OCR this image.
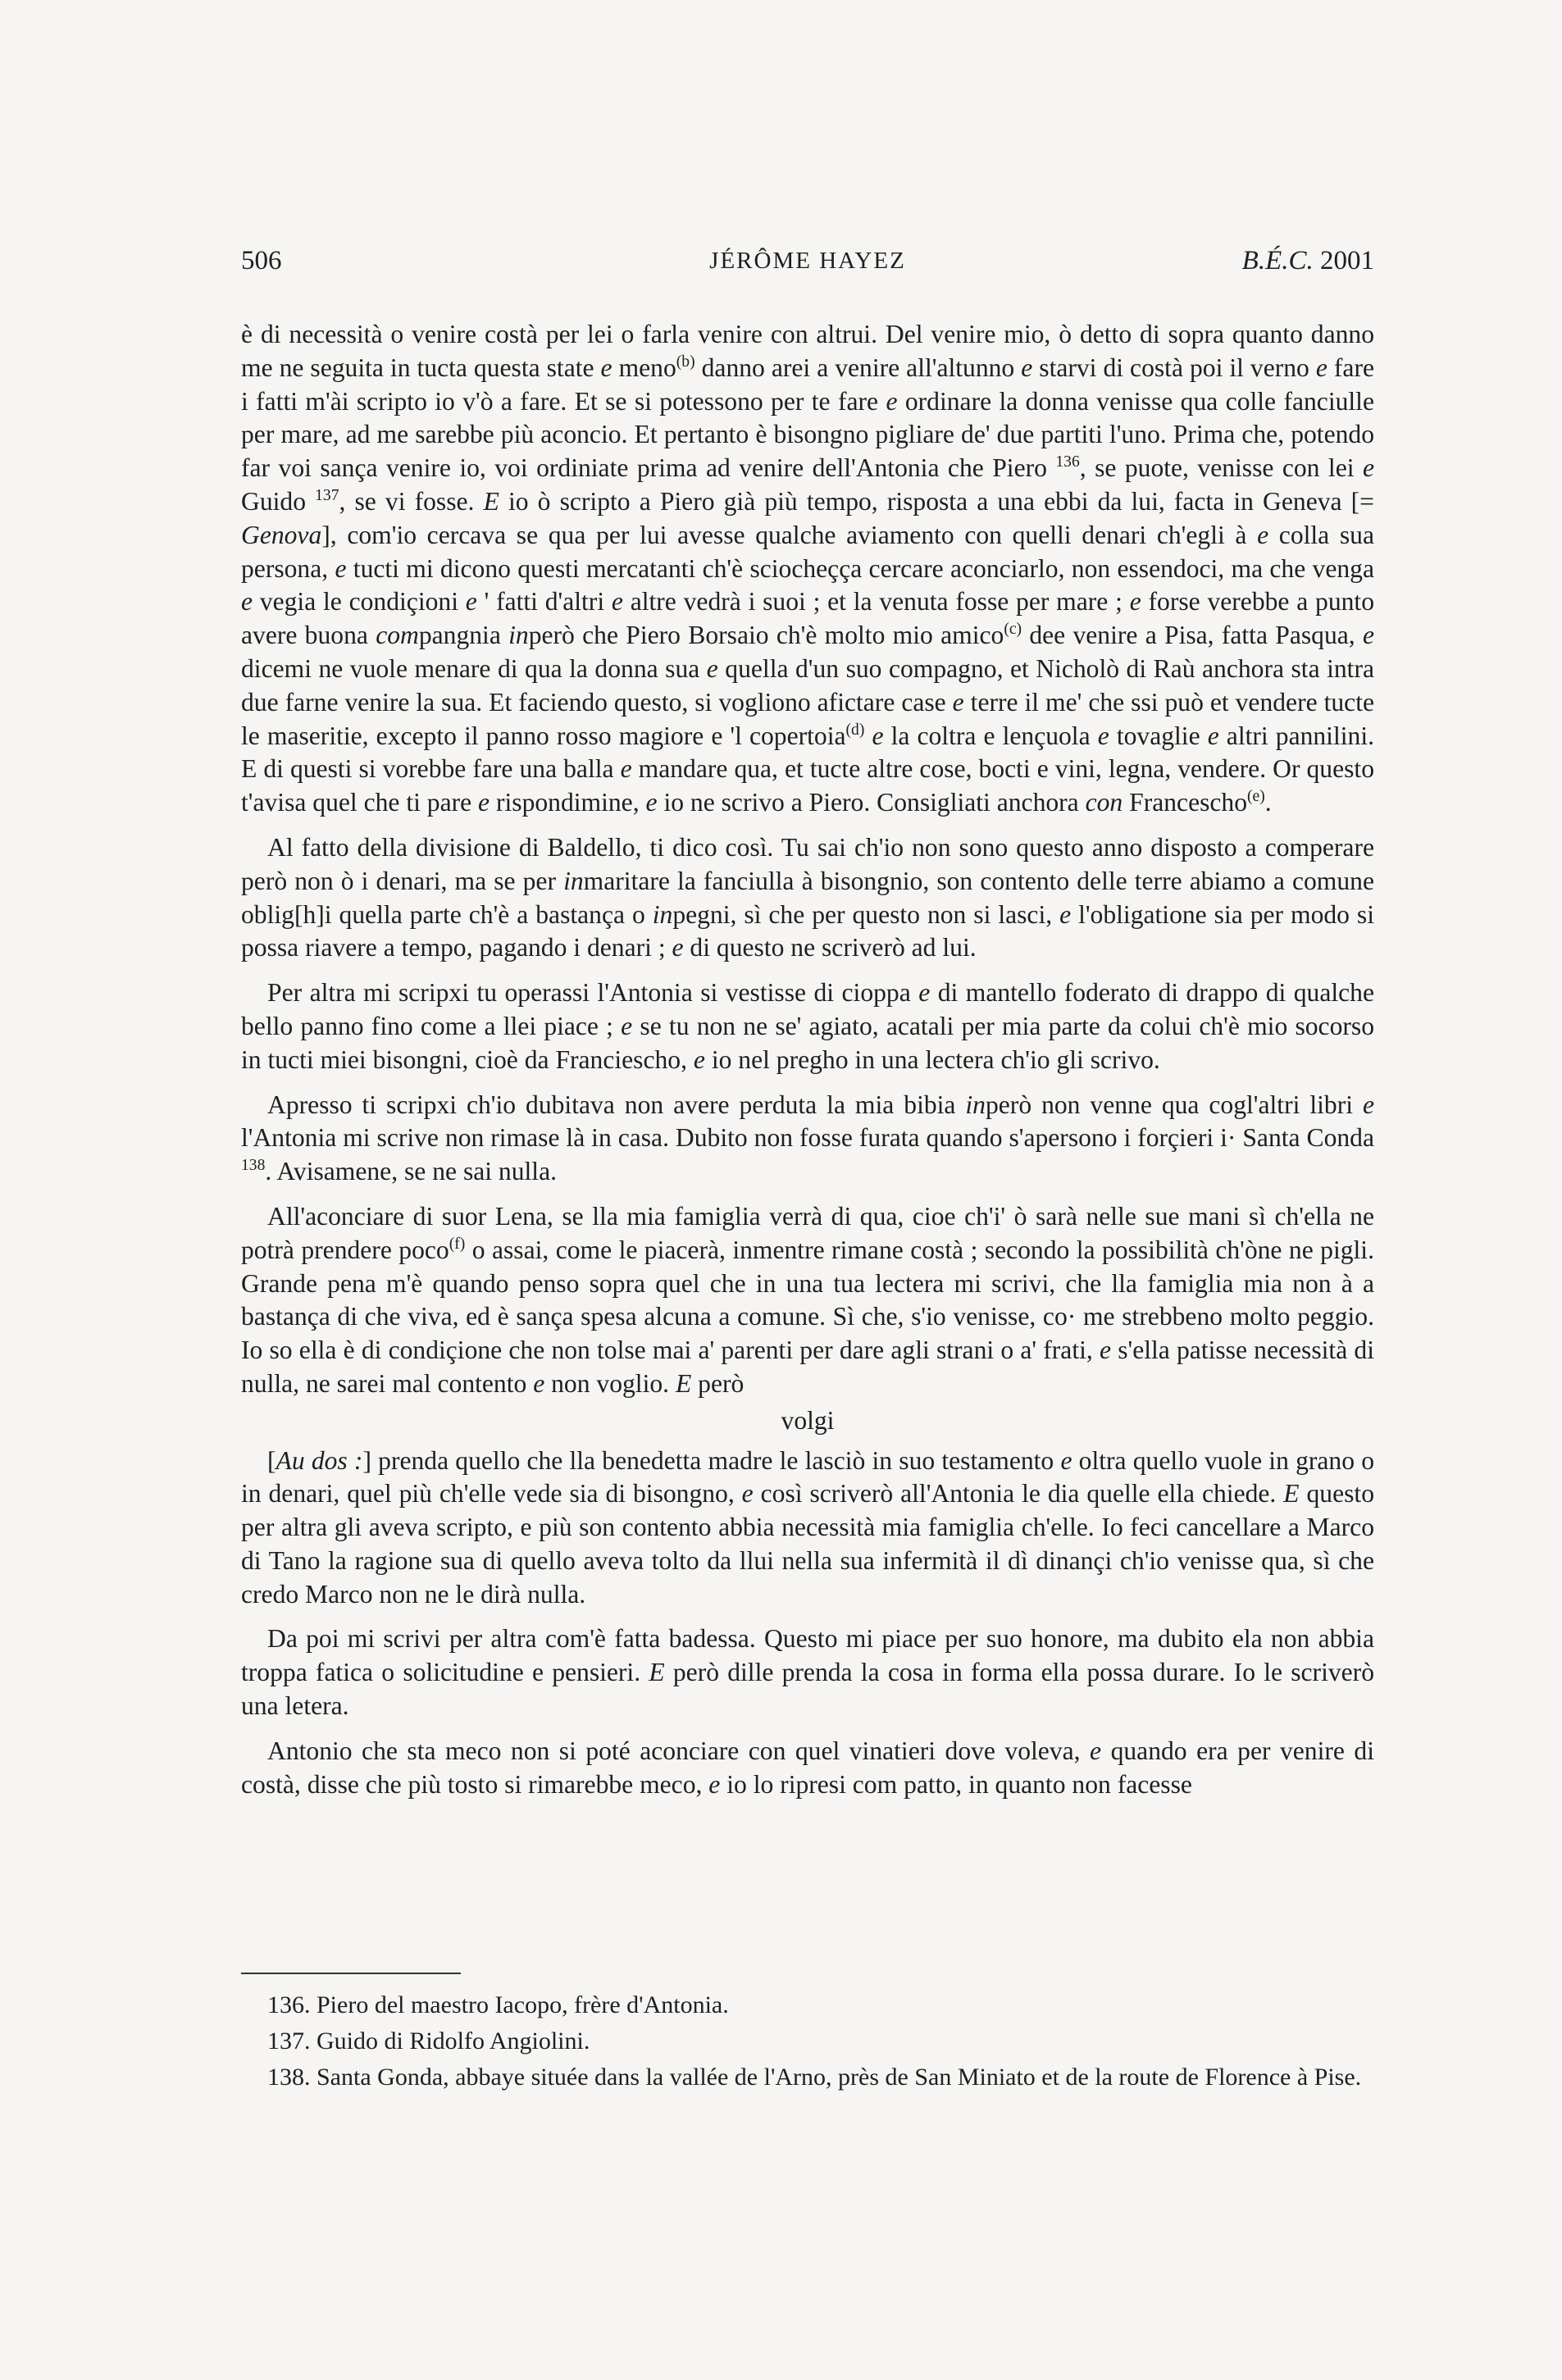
506	JÉRÔME HAYEZ	B.É.C. 2001

è di necessità o venire costà per lei o farla venire con altrui. Del venire mio, ò detto di sopra quanto danno me ne seguita in tucta questa state e meno$^{(b)}$ danno arei a venire all'altunno e starvi di costà poi il verno e fare i fatti m'ài scripto io v'ò a fare. Et se si potessono per te fare e ordinare la donna venisse qua colle fanciulle per mare, ad me sarebbe più aconcio. Et pertanto è bisongno pigliare de' due partiti l'uno. Prima che, potendo far voi sança venire io, voi ordiniate prima ad venire dell'Antonia che Piero $^{136}$, se puote, venisse con lei e Guido $^{137}$, se vi fosse. E io ò scripto a Piero già più tempo, risposta a una ebbi da lui, facta in Geneva [= Genova], com'io cercava se qua per lui avesse qualche aviamento con quelli denari ch'egli à e colla sua persona, e tucti mi dicono questi mercatanti ch'è sciocheçça cercare aconciarlo, non essendoci, ma che venga e vegia le condiçioni e ' fatti d'altri e altre vedrà i suoi ; et la venuta fosse per mare ; e forse verebbe a punto avere buona compangnia inperò che Piero Borsaio ch'è molto mio amico$^{(c)}$ dee venire a Pisa, fatta Pasqua, e dicemi ne vuole menare di qua la donna sua e quella d'un suo compagno, et Nicholò di Raù anchora sta intra due farne venire la sua. Et faciendo questo, si vogliono afictare case e terre il me' che ssi può et vendere tucte le maseritie, excepto il panno rosso magiore e 'l copertoia$^{(d)}$ e la coltra e lençuola e tovaglie e altri pannilini. E di questi si vorebbe fare una balla e mandare qua, et tucte altre cose, bocti e vini, legna, vendere. Or questo t'avisa quel che ti pare e rispondimine, e io ne scrivo a Piero. Consigliati anchora con Francescho$^{(e)}$.

Al fatto della divisione di Baldello, ti dico così. Tu sai ch'io non sono questo anno disposto a comperare però non ò i denari, ma se per inmaritare la fanciulla à bisongnio, son contento delle terre abiamo a comune oblig[h]i quella parte ch'è a bastança o inpegni, sì che per questo non si lasci, e l'obligatione sia per modo si possa riavere a tempo, pagando i denari ; e di questo ne scriverò ad lui.

Per altra mi scripxi tu operassi l'Antonia si vestisse di cioppa e di mantello foderato di drappo di qualche bello panno fino come a llei piace ; e se tu non ne se' agiato, acatali per mia parte da colui ch'è mio socorso in tucti miei bisongni, cioè da Franciescho, e io nel pregho in una lectera ch'io gli scrivo.

Apresso ti scripxi ch'io dubitava non avere perduta la mia bibia inperò non venne qua cogl'altri libri e l'Antonia mi scrive non rimase là in casa. Dubito non fosse furata quando s'apersono i forçieri i· Santa Conda $^{138}$. Avisamene, se ne sai nulla.

All'aconciare di suor Lena, se lla mia famiglia verrà di qua, cioe ch'i' ò sarà nelle sue mani sì ch'ella ne potrà prendere poco$^{(f)}$ o assai, come le piacerà, inmentre rimane costà ; secondo la possibilità ch'òne ne pigli. Grande pena m'è quando penso sopra quel che in una tua lectera mi scrivi, che lla famiglia mia non à a bastança di che viva, ed è sança spesa alcuna a comune. Sì che, s'io venisse, co· me strebbeno molto peggio. Io so ella è di condiçione che non tolse mai a' parenti per dare agli strani o a' frati, e s'ella patisse necessità di nulla, ne sarei mal contento e non voglio. E però

volgi

[Au dos :] prenda quello che lla benedetta madre le lasciò in suo testamento e oltra quello vuole in grano o in denari, quel più ch'elle vede sia di bisongno, e così scriverò all'Antonia le dia quelle ella chiede. E questo per altra gli aveva scripto, e più son contento abbia necessità mia famiglia ch'elle. Io feci cancellare a Marco di Tano la ragione sua di quello aveva tolto da llui nella sua infermità il dì dinançi ch'io venisse qua, sì che credo Marco non ne le dirà nulla.

Da poi mi scrivi per altra com'è fatta badessa. Questo mi piace per suo honore, ma dubito ela non abbia troppa fatica o solicitudine e pensieri. E però dille prenda la cosa in forma ella possa durare. Io le scriverò una letera.

Antonio che sta meco non si poté aconciare con quel vinatieri dove voleva, e quando era per venire di costà, disse che più tosto si rimarebbe meco, e io lo ripresi com patto, in quanto non facesse

136. Piero del maestro Iacopo, frère d'Antonia.

137. Guido di Ridolfo Angiolini.

138. Santa Gonda, abbaye située dans la vallée de l'Arno, près de San Miniato et de la route de Florence à Pise.
